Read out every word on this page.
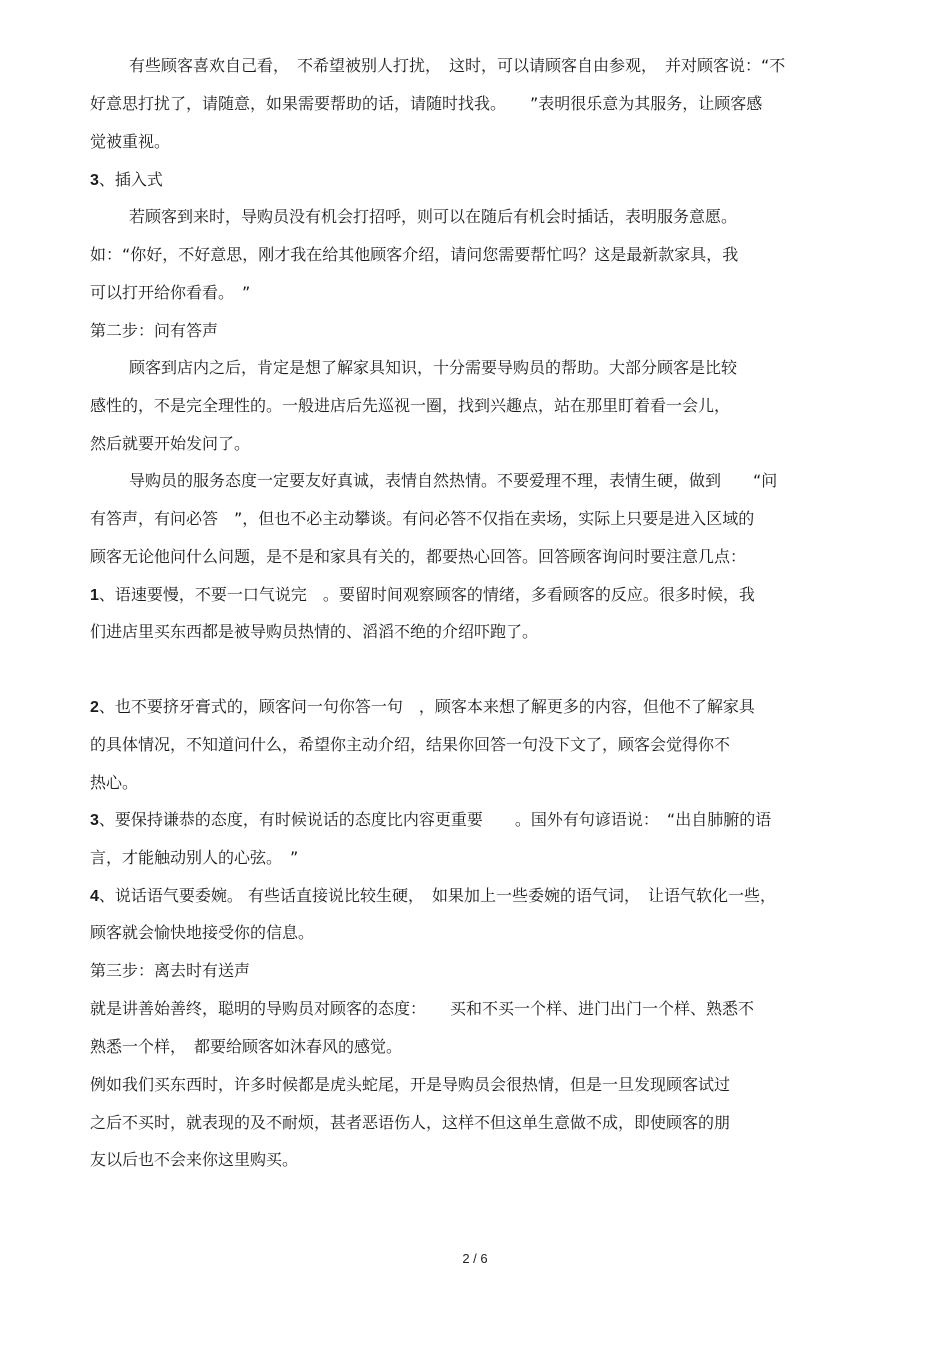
有些顾客喜欢自己看，　不希望被别人打扰，　这时，可以请顾客自由参观，　并对顾客说：“不

好意思打扰了，请随意，如果需要帮助的话，请随时找我。　　”表明很乐意为其服务，让顾客感

觉被重视。

3、插入式

若顾客到来时，导购员没有机会打招呼，则可以在随后有机会时插话，表明服务意愿。

如：“你好，不好意思，刚才我在给其他顾客介绍，请问您需要帮忙吗？这是最新款家具，我

可以打开给你看看。　”

第二步：问有答声

顾客到店内之后，肯定是想了解家具知识，十分需要导购员的帮助。大部分顾客是比较

感性的，不是完全理性的。一般进店后先巡视一圈，找到兴趣点，站在那里盯着看一会儿，

然后就要开始发问了。

导购员的服务态度一定要友好真诚，表情自然热情。不要爱理不理，表情生硬，做到　　“问

有答声，有问必答　”，但也不必主动攀谈。有问必答不仅指在卖场，实际上只要是进入区域的

顾客无论他问什么问题，是不是和家具有关的，都要热心回答。回答顾客询问时要注意几点：

1、语速要慢，不要一口气说完　。要留时间观察顾客的情绪，多看顾客的反应。很多时候，我

们进店里买东西都是被导购员热情的、滔滔不绝的介绍吓跑了。

2、也不要挤牙膏式的，顾客问一句你答一句　，顾客本来想了解更多的内容，但他不了解家具

的具体情况，不知道问什么，希望你主动介绍，结果你回答一句没下文了，顾客会觉得你不

热心。

3、要保持谦恭的态度，有时候说话的态度比内容更重要　　。国外有句谚语说：　“出自肺腑的语

言，才能触动别人的心弦。　”

4、说话语气要委婉。 有些话直接说比较生硬，　如果加上一些委婉的语气词，　让语气软化一些，

顾客就会愉快地接受你的信息。

第三步：离去时有送声

就是讲善始善终，聪明的导购员对顾客的态度：　　买和不买一个样、进门出门一个样、熟悉不

熟悉一个样，　都要给顾客如沐春风的感觉。

例如我们买东西时，许多时候都是虎头蛇尾，开是导购员会很热情，但是一旦发现顾客试过

之后不买时，就表现的及不耐烦，甚者恶语伤人，这样不但这单生意做不成，即使顾客的朋

友以后也不会来你这里购买。

2 / 6
